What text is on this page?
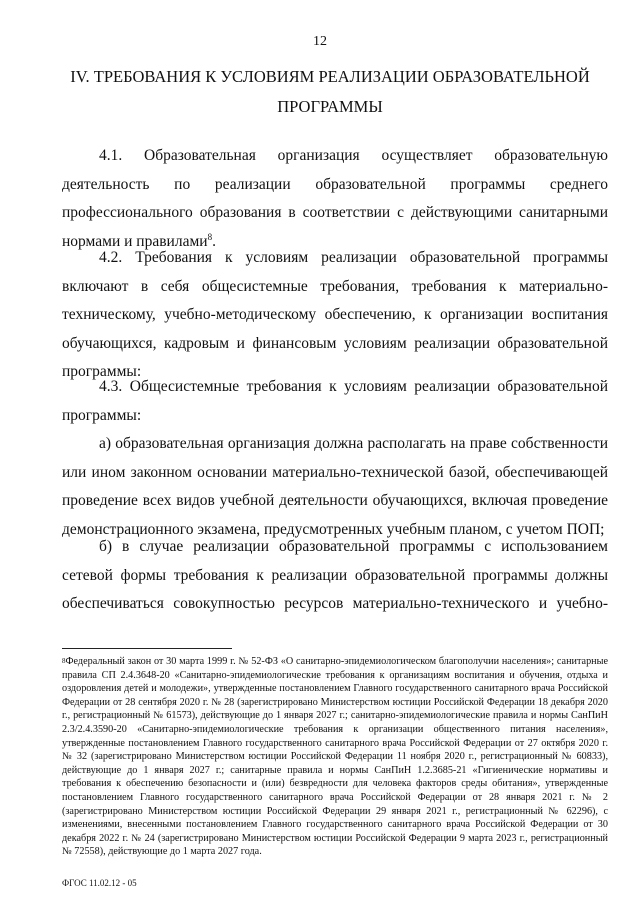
12
IV. ТРЕБОВАНИЯ К УСЛОВИЯМ РЕАЛИЗАЦИИ ОБРАЗОВАТЕЛЬНОЙ ПРОГРАММЫ

4.1. Образовательная организация осуществляет образовательную деятельность по реализации образовательной программы среднего профессионального образования в соответствии с действующими санитарными нормами и правилами$^8$.

4.2. Требования к условиям реализации образовательной программы включают в себя общесистемные требования, требования к материально-техническому, учебно-методическому обеспечению, к организации воспитания обучающихся, кадровым и финансовым условиям реализации образовательной программы:

4.3. Общесистемные требования к условиям реализации образовательной программы:

а) образовательная организация должна располагать на праве собственности или ином законном основании материально-технической базой, обеспечивающей проведение всех видов учебной деятельности обучающихся, включая проведение демонстрационного экзамена, предусмотренных учебным планом, с учетом ПОП;

б) в случае реализации образовательной программы с использованием сетевой формы требования к реализации образовательной программы должны обеспечиваться совокупностью ресурсов материально-технического и учебно-

$^8$Федеральный закон от 30 марта 1999 г. № 52-ФЗ «О санитарно-эпидемиологическом благополучии населения»; санитарные правила СП 2.4.3648-20 «Санитарно-эпидемиологические требования к организациям воспитания и обучения, отдыха и оздоровления детей и молодежи», утвержденные постановлением Главного государственного санитарного врача Российской Федерации от 28 сентября 2020 г. № 28 (зарегистрировано Министерством юстиции Российской Федерации 18 декабря 2020 г., регистрационный № 61573), действующие до 1 января 2027 г.; санитарно-эпидемиологические правила и нормы СанПиН 2.3/2.4.3590-20 «Санитарно-эпидемиологические требования к организации общественного питания населения», утвержденные постановлением Главного государственного санитарного врача Российской Федерации от 27 октября 2020 г. № 32 (зарегистрировано Министерством юстиции Российской Федерации 11 ноября 2020 г., регистрационный № 60833), действующие до 1 января 2027 г.; санитарные правила и нормы СанПиН 1.2.3685-21 «Гигиенические нормативы и требования к обеспечению безопасности и (или) безвредности для человека факторов среды обитания», утвержденные постановлением Главного государственного санитарного врача Российской Федерации от 28 января 2021 г. № 2 (зарегистрировано Министерством юстиции Российской Федерации 29 января 2021 г., регистрационный № 62296), с изменениями, внесенными постановлением Главного государственного санитарного врача Российской Федерации от 30 декабря 2022 г. № 24 (зарегистрировано Министерством юстиции Российской Федерации 9 марта 2023 г., регистрационный № 72558), действующие до 1 марта 2027 года.
ФГОС 11.02.12 - 05
